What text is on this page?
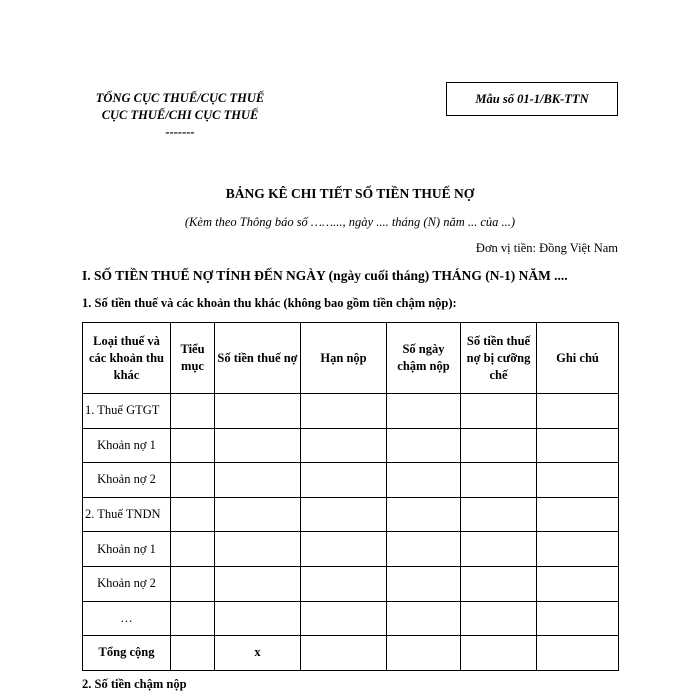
TỔNG CỤC THUẾ/CỤC THUẾ
CỤC THUẾ/CHI CỤC THUẾ
-------
Mẫu số 01-1/BK-TTN
BẢNG KÊ CHI TIẾT SỐ TIỀN THUẾ NỢ
(Kèm theo Thông báo số ……..., ngày .... tháng (N) năm ... của ...)
Đơn vị tiền: Đồng Việt Nam
I. SỐ TIỀN THUẾ NỢ TÍNH ĐẾN NGÀY (ngày cuối tháng) THÁNG (N-1) NĂM ....
1. Số tiền thuế và các khoản thu khác (không bao gồm tiền chậm nộp):
Loại thuế và các khoản thu khác	Tiểu mục	Số tiền thuế nợ	Hạn nộp	Số ngày chậm nộp	Số tiền thuế nợ bị cưỡng chế	Ghi chú
1. Thuế GTGT						
Khoản nợ 1						
Khoản nợ 2						
2. Thuế TNDN						
Khoản nợ 1						
Khoản nợ 2						
…						
Tổng cộng		x				
2. Số tiền chậm nộp
